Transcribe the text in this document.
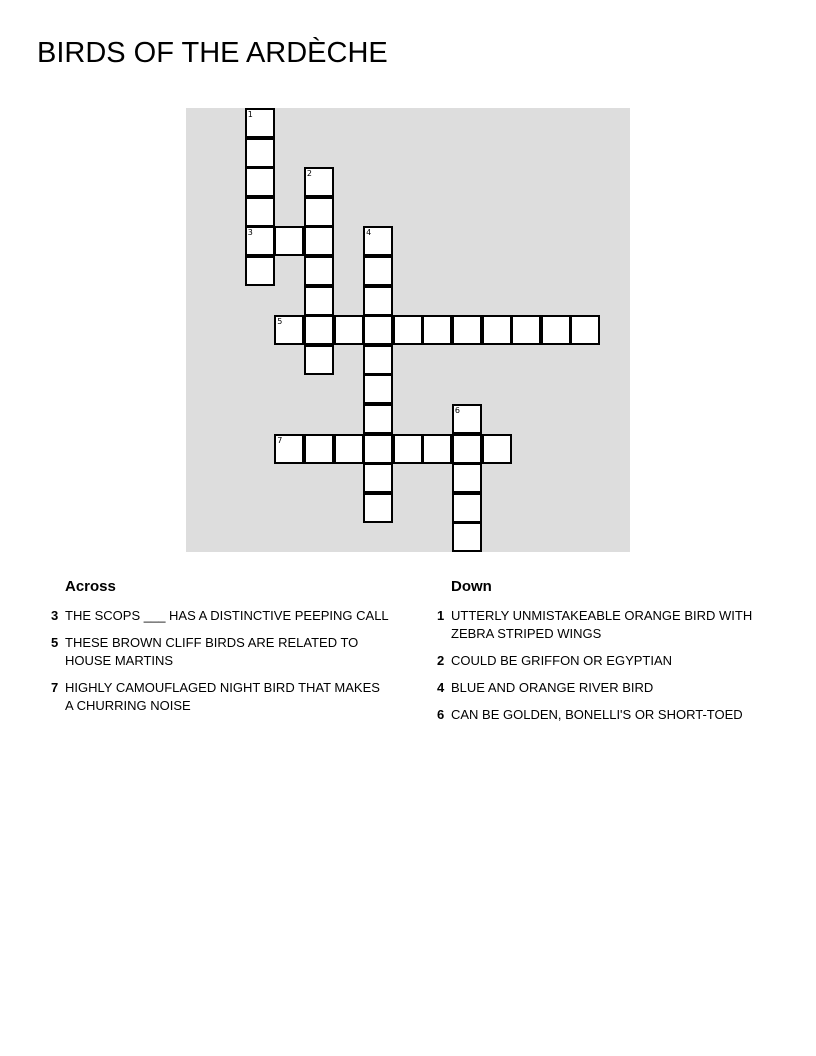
BIRDS OF THE ARDÈCHE
1
3
2
4
5
7
6
Across
3 THE SCOPS ___ HAS A DISTINCTIVE PEEPING CALL
5 THESE BROWN CLIFF BIRDS ARE RELATED TO HOUSE MARTINS
7 HIGHLY CAMOUFLAGED NIGHT BIRD THAT MAKES A CHURRING NOISE
Down
1 UTTERLY UNMISTAKEABLE ORANGE BIRD WITH ZEBRA STRIPED WINGS
2 COULD BE GRIFFON OR EGYPTIAN
4 BLUE AND ORANGE RIVER BIRD
6 CAN BE GOLDEN, BONELLI'S OR SHORT-TOED
